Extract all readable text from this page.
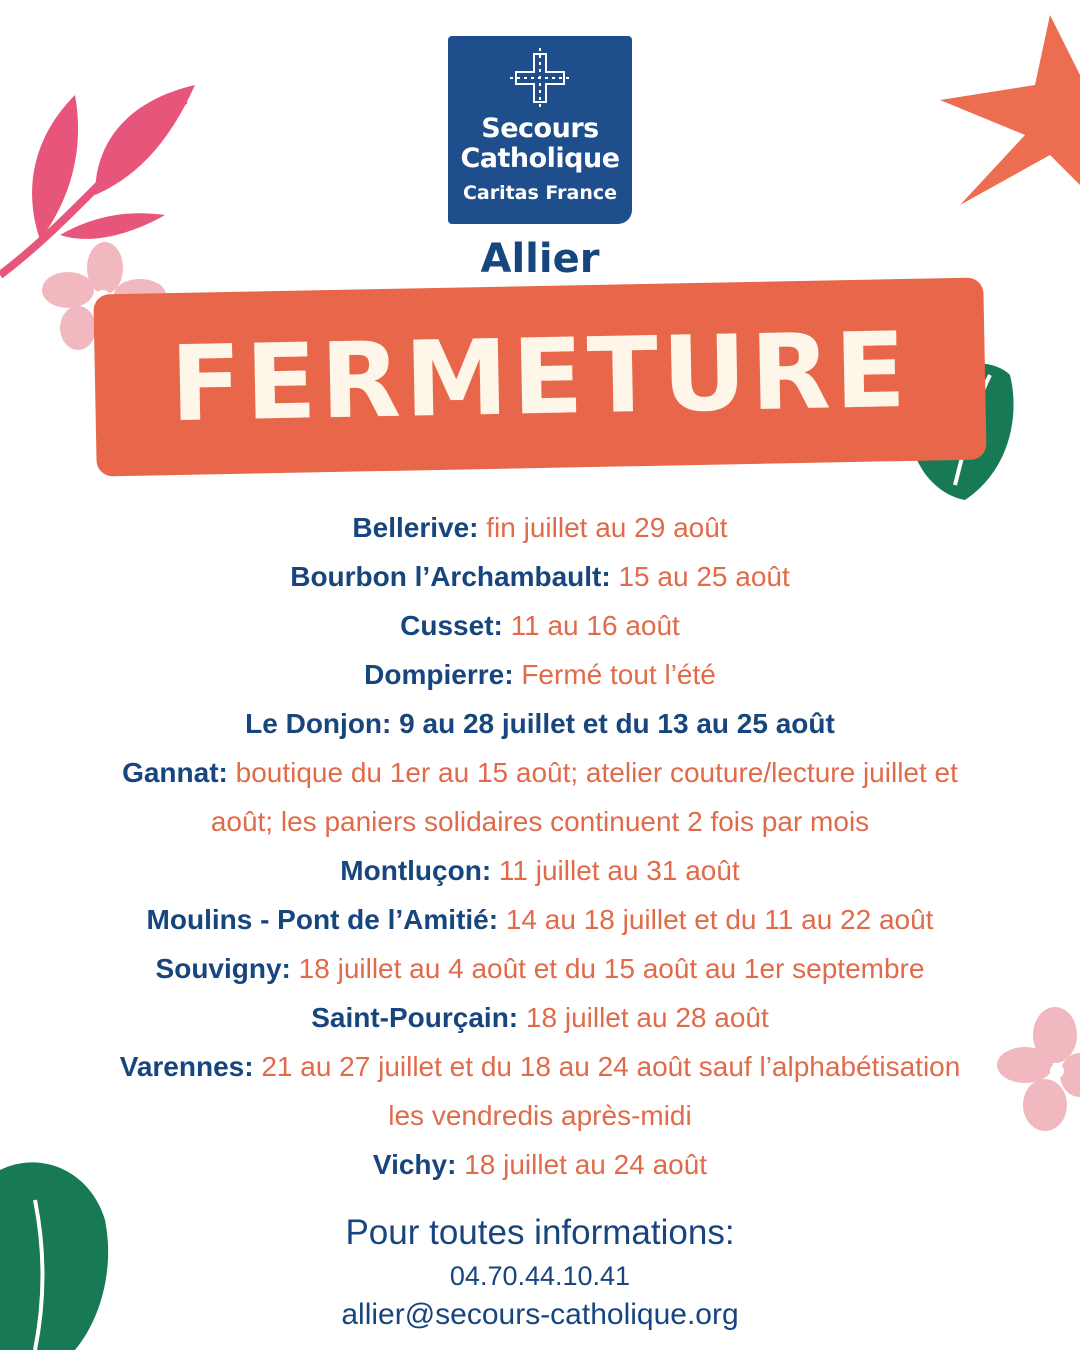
Secours
Catholique
Caritas France
Allier
FERMETURE
Bellerive: fin juillet au 29 août
Bourbon l’Archambault: 15 au 25 août
Cusset: 11 au 16 août
Dompierre: Fermé tout l’été
Le Donjon: 9 au 28 juillet et du 13 au 25 août
Gannat: boutique du 1er au 15 août; atelier couture/lecture juillet et
août; les paniers solidaires continuent 2 fois par mois
Montluçon: 11 juillet au 31 août
Moulins - Pont de l’Amitié: 14 au 18 juillet et du 11 au 22 août
Souvigny: 18 juillet au 4 août et du 15 août au 1er septembre
Saint-Pourçain: 18 juillet au 28 août
Varennes: 21 au 27 juillet et du 18 au 24 août sauf l’alphabétisation
les vendredis après-midi
Vichy: 18 juillet au 24 août
Pour toutes informations:
04.70.44.10.41
allier@secours-catholique.org
